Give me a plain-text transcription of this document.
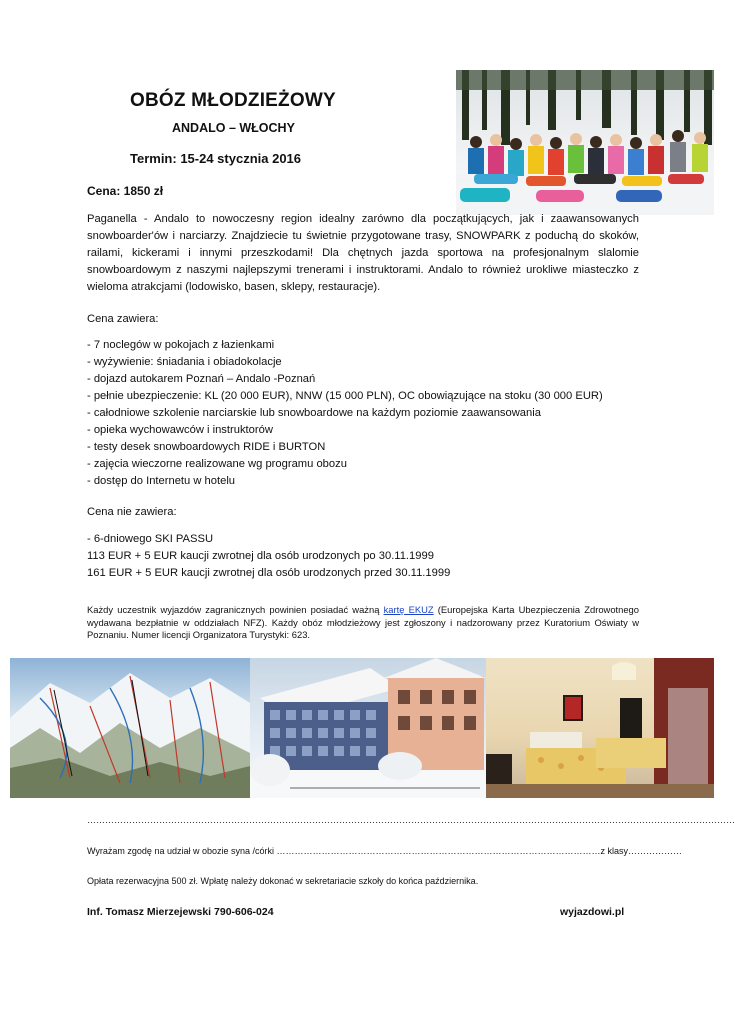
OBÓZ MŁODZIEŻOWY
ANDALO – WŁOCHY
Termin: 15-24 stycznia 2016
Cena: 1850 zł
Paganella - Andalo to nowoczesny region idealny zarówno dla początkujących, jak i zaawansowanych snowboarder'ów i narciarzy. Znajdziecie tu świetnie przygotowane trasy, SNOWPARK z poduchą do skoków, railami, kickerami i innymi przeszkodami! Dla chętnych jazda sportowa na profesjonalnym slalomie snowboardowym z naszymi najlepszymi trenerami i instruktorami. Andalo to również urokliwe miasteczko z wieloma atrakcjami (lodowisko, basen, sklepy, restauracje).
Cena zawiera:
- 7 noclegów w pokojach z łazienkami
- wyżywienie: śniadania i obiadokolacje
- dojazd autokarem Poznań – Andalo -Poznań
- pełnie ubezpieczenie: KL (20 000 EUR), NNW (15 000 PLN), OC obowiązujące na stoku (30 000 EUR)
- całodniowe szkolenie narciarskie lub snowboardowe na każdym poziomie zaawansowania
- opieka wychowawców i instruktorów
- testy desek snowboardowych RIDE i BURTON
- zajęcia wieczorne realizowane wg programu obozu
- dostęp do Internetu w hotelu
Cena nie zawiera:
- 6-dniowego SKI PASSU
113 EUR + 5 EUR kaucji zwrotnej dla osób urodzonych po 30.11.1999
161 EUR + 5 EUR kaucji zwrotnej dla osób urodzonych przed 30.11.1999
Każdy uczestnik wyjazdów zagranicznych powinien posiadać ważną kartę EKUZ (Europejska Karta Ubezpieczenia Zdrowotnego wydawana bezpłatnie w oddziałach NFZ). Każdy obóz młodzieżowy jest zgłoszony i nadzorowany przez Kuratorium Oświaty w Poznaniu. Numer licencji Organizatora Turystyki: 623.
………………………………………………………………………………………………………………………………………………………………………………………………
Wyrażam zgodę na udział w obozie syna /córki ………………………………………………………………………………………………z klasy………………
Opłata rezerwacyjna 500 zł. Wpłatę należy dokonać w sekretariacie szkoły do końca października.
Inf. Tomasz Mierzejewski 790-606-024	wyjazdowi.pl
